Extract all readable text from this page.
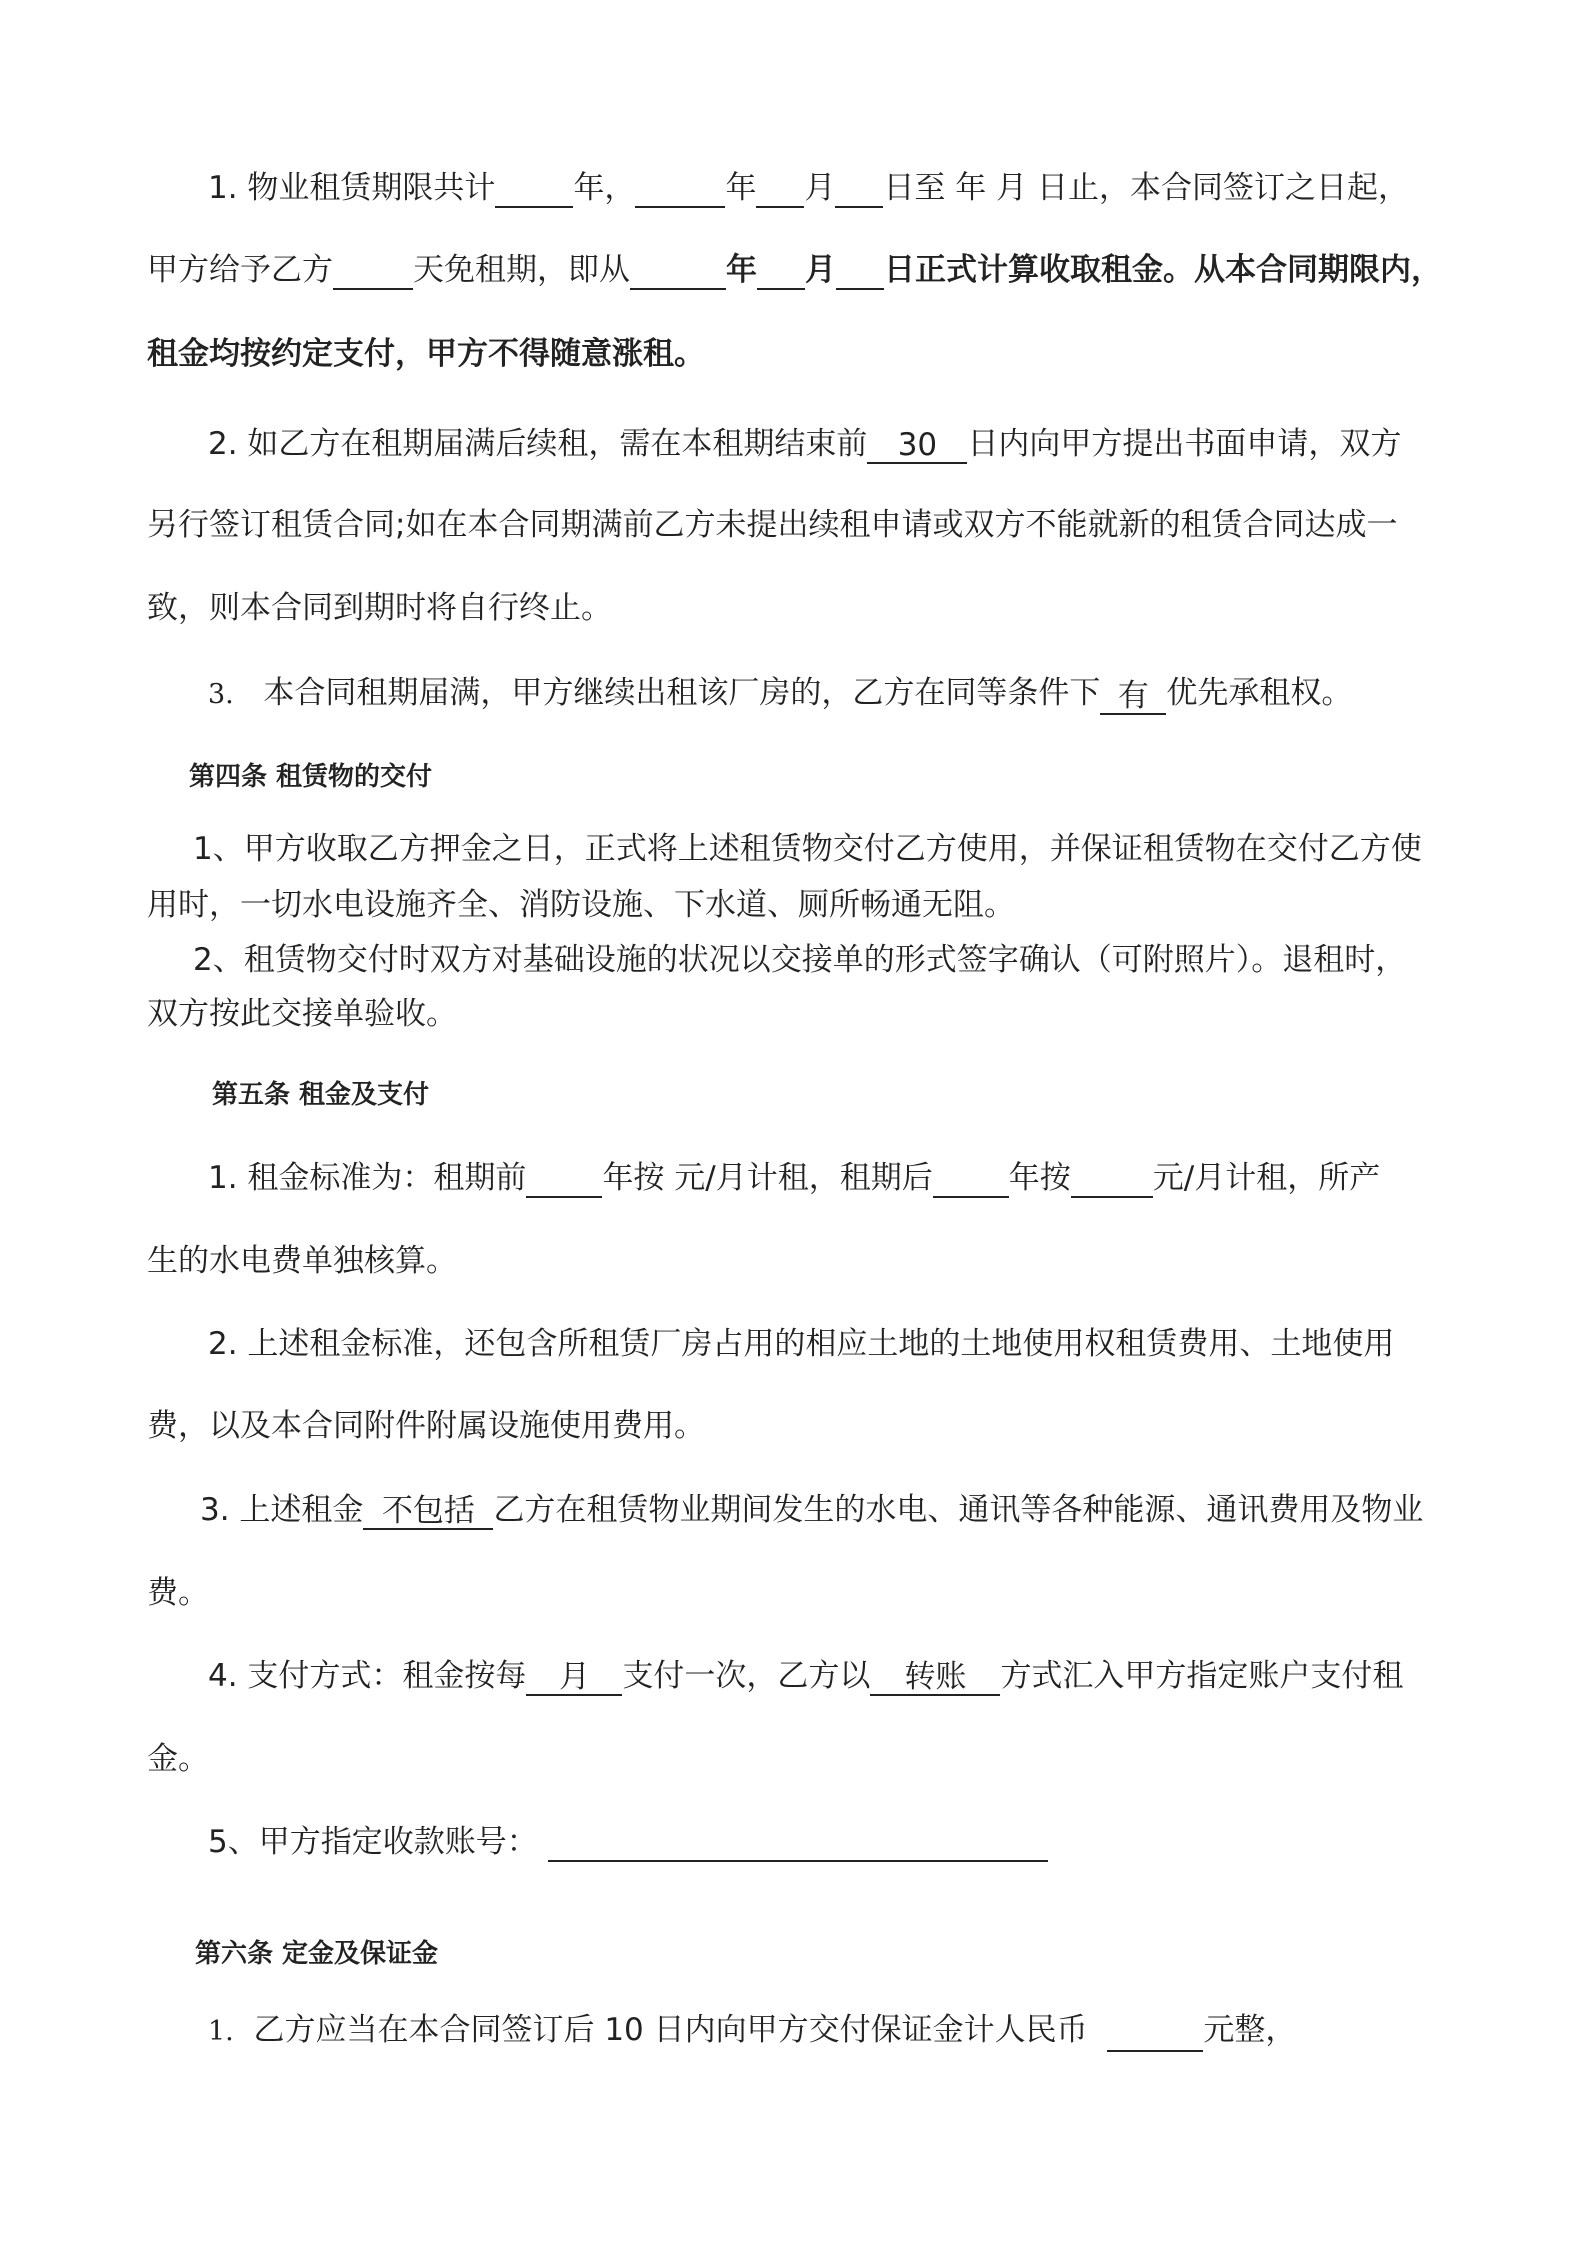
1. 物业租赁期限共计	年，	年 月 日至 年 月 日止，本合同签订之日起，
甲方给予乙方	天免租期，即从	年 月 日正式计算收取租金。从本合同期限内，
租金均按约定支付，甲方不得随意涨租。
2. 如乙方在租期届满后续租，需在本租期结束前 30 日内向甲方提出书面申请，双方
另行签订租赁合同;如在本合同期满前乙方未提出续租申请或双方不能就新的租赁合同达成一
致，则本合同到期时将自行终止。
3. 本合同租期届满，甲方继续出租该厂房的，乙方在同等条件下 有 优先承租权。
第四条 租赁物的交付
1、甲方收取乙方押金之日，正式将上述租赁物交付乙方使用，并保证租赁物在交付乙方使
用时，一切水电设施齐全、消防设施、下水道、厕所畅通无阻。
2、租赁物交付时双方对基础设施的状况以交接单的形式签字确认（可附照片）。退租时，
双方按此交接单验收。
第五条 租金及支付
1. 租金标准为：租期前 年按 元/月计租，租期后 年按	元/月计租，所产
生的水电费单独核算。
2. 上述租金标准，还包含所租赁厂房占用的相应土地的土地使用权租赁费用、土地使用
费，以及本合同附件附属设施使用费用。
3. 上述租金 不包括 乙方在租赁物业期间发生的水电、通讯等各种能源、通讯费用及物业
费。
4. 支付方式：租金按每 月 支付一次，乙方以 转账 方式汇入甲方指定账户支付租
金。
5、甲方指定收款账号：
第六条 定金及保证金
1. 乙方应当在本合同签订后 10 日内向甲方交付保证金计人民币	元整，
